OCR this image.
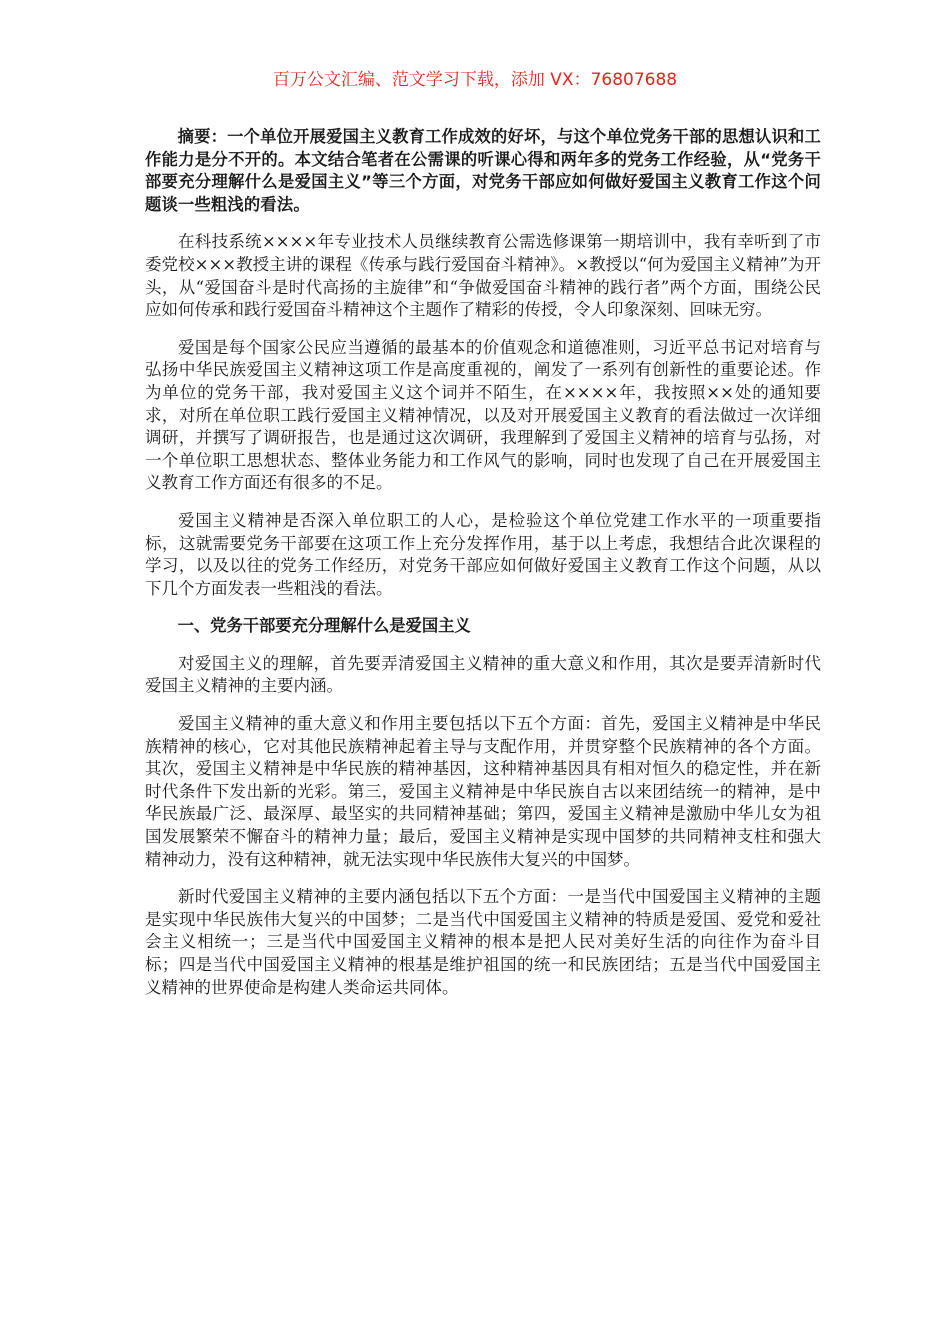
百万公文汇编、范文学习下载，添加 VX：76807688

摘要：一个单位开展爱国主义教育工作成效的好坏，与这个单位党务干部的思想认识和工作能力是分不开的。本文结合笔者在公需课的听课心得和两年多的党务工作经验，从“党务干部要充分理解什么是爱国主义”等三个方面，对党务干部应如何做好爱国主义教育工作这个问题谈一些粗浅的看法。

在科技系统××××年专业技术人员继续教育公需选修课第一期培训中，我有幸听到了市委党校×××教授主讲的课程《传承与践行爱国奋斗精神》。×教授以“何为爱国主义精神”为开头，从“爱国奋斗是时代高扬的主旋律”和“争做爱国奋斗精神的践行者”两个方面，围绕公民应如何传承和践行爱国奋斗精神这个主题作了精彩的传授，令人印象深刻、回味无穷。

爱国是每个国家公民应当遵循的最基本的价值观念和道德准则，习近平总书记对培育与弘扬中华民族爱国主义精神这项工作是高度重视的，阐发了一系列有创新性的重要论述。作为单位的党务干部，我对爱国主义这个词并不陌生，在××××年，我按照××处的通知要求，对所在单位职工践行爱国主义精神情况，以及对开展爱国主义教育的看法做过一次详细调研，并撰写了调研报告，也是通过这次调研，我理解到了爱国主义精神的培育与弘扬，对一个单位职工思想状态、整体业务能力和工作风气的影响，同时也发现了自己在开展爱国主义教育工作方面还有很多的不足。

爱国主义精神是否深入单位职工的人心，是检验这个单位党建工作水平的一项重要指标，这就需要党务干部要在这项工作上充分发挥作用，基于以上考虑，我想结合此次课程的学习，以及以往的党务工作经历，对党务干部应如何做好爱国主义教育工作这个问题，从以下几个方面发表一些粗浅的看法。

一、党务干部要充分理解什么是爱国主义

对爱国主义的理解，首先要弄清爱国主义精神的重大意义和作用，其次是要弄清新时代爱国主义精神的主要内涵。

爱国主义精神的重大意义和作用主要包括以下五个方面：首先，爱国主义精神是中华民族精神的核心，它对其他民族精神起着主导与支配作用，并贯穿整个民族精神的各个方面。其次，爱国主义精神是中华民族的精神基因，这种精神基因具有相对恒久的稳定性，并在新时代条件下发出新的光彩。第三，爱国主义精神是中华民族自古以来团结统一的精神，是中华民族最广泛、最深厚、最坚实的共同精神基础；第四，爱国主义精神是激励中华儿女为祖国发展繁荣不懈奋斗的精神力量；最后，爱国主义精神是实现中国梦的共同精神支柱和强大精神动力，没有这种精神，就无法实现中华民族伟大复兴的中国梦。

新时代爱国主义精神的主要内涵包括以下五个方面：一是当代中国爱国主义精神的主题是实现中华民族伟大复兴的中国梦；二是当代中国爱国主义精神的特质是爱国、爱党和爱社会主义相统一；三是当代中国爱国主义精神的根本是把人民对美好生活的向往作为奋斗目标；四是当代中国爱国主义精神的根基是维护祖国的统一和民族团结；五是当代中国爱国主义精神的世界使命是构建人类命运共同体。
